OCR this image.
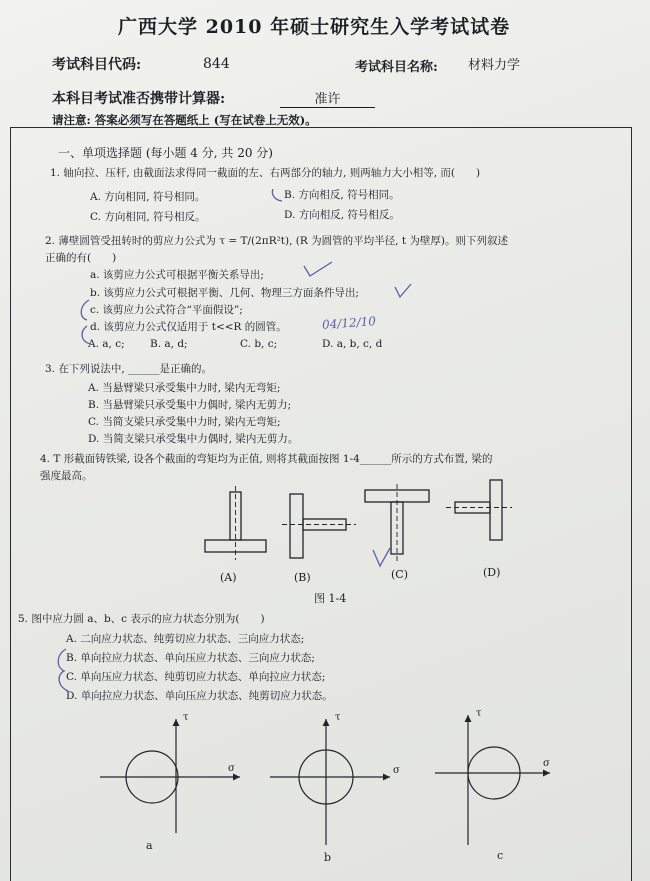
广西大学 2010 年硕士研究生入学考试试卷
考试科目代码:	844	考试科目名称: 材料力学
本科目考试准否携带计算器:	准许
请注意: 答案必须写在答题纸上 (写在试卷上无效)。
一、单项选择题 (每小题 4 分, 共 20 分)
1. 轴向拉、压杆, 由截面法求得同一截面的左、右两部分的轴力, 则两轴力大小相等, 而(　　)
A. 方向相同, 符号相同。	B. 方向相反, 符号相同。
C. 方向相同, 符号相反。	D. 方向相反, 符号相反。
2. 薄壁圆管受扭转时的剪应力公式为 τ = T/(2πR²t), (R 为圆管的平均半径, t 为壁厚)。则下列叙述
正确的有(　　)
a. 该剪应力公式可根据平衡关系导出;
b. 该剪应力公式可根据平衡、几何、物理三方面条件导出;
c. 该剪应力公式符合“平面假设”;
d. 该剪应力公式仅适用于 t<<R 的圆管。
A. a, c; B. a, d;	C. b, c;	D. a, b, c, d
04/12/10
3. 在下列说法中, ______是正确的。
A. 当悬臂梁只承受集中力时, 梁内无弯矩;
B. 当悬臂梁只承受集中力偶时, 梁内无剪力;
C. 当简支梁只承受集中力时, 梁内无弯矩;
D. 当简支梁只承受集中力偶时, 梁内无剪力。
4. T 形截面铸铁梁, 设各个截面的弯矩均为正值, 则将其截面按图 1-4______所示的方式布置, 梁的
强度最高。
(A)	(B)	(C)	(D)
图 1-4
5. 图中应力圆 a、b、c 表示的应力状态分别为(　　)
A. 二向应力状态、纯剪切应力状态、三向应力状态;
B. 单向拉应力状态、单向压应力状态、三向应力状态;
C. 单向压应力状态、纯剪切应力状态、单向拉应力状态;
D. 单向拉应力状态、单向压应力状态、纯剪切应力状态。
τ
σ
τ
σ
τ
σ
a
b	c
